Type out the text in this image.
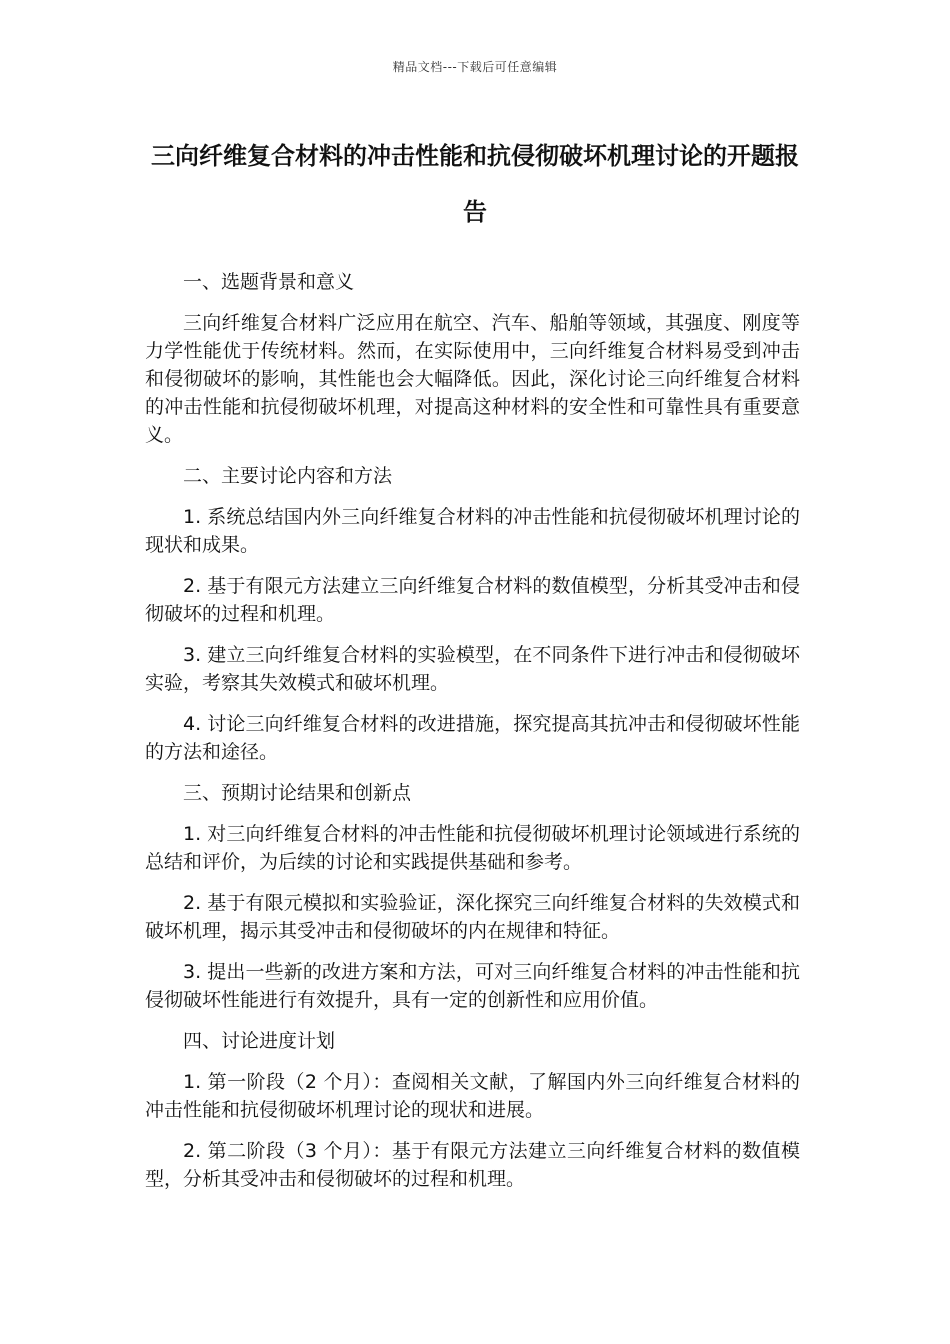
精品文档---下载后可任意编辑
三向纤维复合材料的冲击性能和抗侵彻破坏机理讨论的开题报告

一、选题背景和意义

三向纤维复合材料广泛应用在航空、汽车、船舶等领域，其强度、刚度等力学性能优于传统材料。然而，在实际使用中，三向纤维复合材料易受到冲击和侵彻破坏的影响，其性能也会大幅降低。因此，深化讨论三向纤维复合材料的冲击性能和抗侵彻破坏机理，对提高这种材料的安全性和可靠性具有重要意义。

二、主要讨论内容和方法

1. 系统总结国内外三向纤维复合材料的冲击性能和抗侵彻破坏机理讨论的现状和成果。

2. 基于有限元方法建立三向纤维复合材料的数值模型，分析其受冲击和侵彻破坏的过程和机理。

3. 建立三向纤维复合材料的实验模型，在不同条件下进行冲击和侵彻破坏实验，考察其失效模式和破坏机理。

4. 讨论三向纤维复合材料的改进措施，探究提高其抗冲击和侵彻破坏性能的方法和途径。

三、预期讨论结果和创新点

1. 对三向纤维复合材料的冲击性能和抗侵彻破坏机理讨论领域进行系统的总结和评价，为后续的讨论和实践提供基础和参考。

2. 基于有限元模拟和实验验证，深化探究三向纤维复合材料的失效模式和破坏机理，揭示其受冲击和侵彻破坏的内在规律和特征。

3. 提出一些新的改进方案和方法，可对三向纤维复合材料的冲击性能和抗侵彻破坏性能进行有效提升，具有一定的创新性和应用价值。

四、讨论进度计划

1. 第一阶段（2 个月）：查阅相关文献，了解国内外三向纤维复合材料的冲击性能和抗侵彻破坏机理讨论的现状和进展。

2. 第二阶段（3 个月）：基于有限元方法建立三向纤维复合材料的数值模型，分析其受冲击和侵彻破坏的过程和机理。
